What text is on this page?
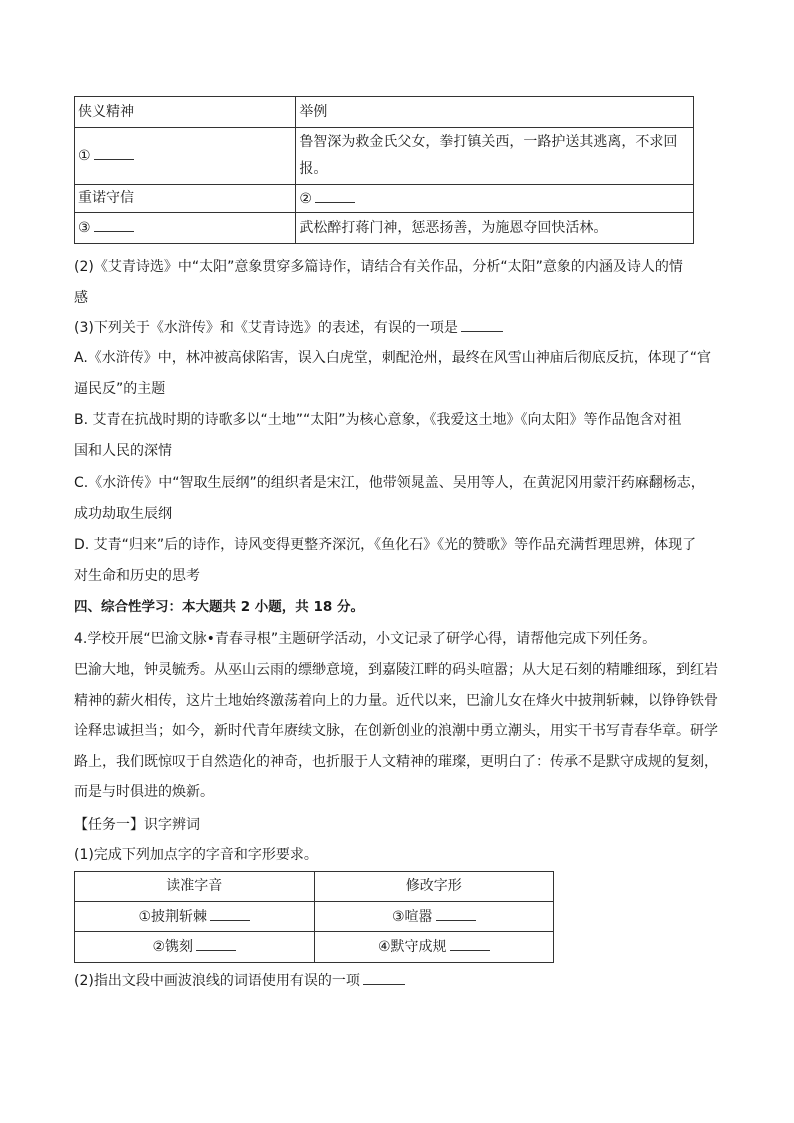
侠义精神	举例
①	鲁智深为救金氏父女，拳打镇关西，一路护送其逃离，不求回
报。

重诺守信	②
③	武松醉打蒋门神，惩恶扬善，为施恩夺回快活林。
(2)《艾青诗选》中“太阳”意象贯穿多篇诗作，请结合有关作品，分析“太阳”意象的内涵及诗人的情
感
(3)下列关于《水浒传》和《艾青诗选》的表述，有误的一项是
A.《水浒传》中，林冲被高俅陷害，误入白虎堂，刺配沧州，最终在风雪山神庙后彻底反抗，体现了“官
逼民反”的主题
B. 艾青在抗战时期的诗歌多以“土地”“太阳”为核心意象，《我爱这土地》《向太阳》等作品饱含对祖
国和人民的深情
C.《水浒传》中“智取生辰纲”的组织者是宋江，他带领晁盖、吴用等人，在黄泥冈用蒙汗药麻翻杨志，
成功劫取生辰纲
D. 艾青“归来”后的诗作，诗风变得更整齐深沉，《鱼化石》《光的赞歌》等作品充满哲理思辨，体现了
对生命和历史的思考
四、综合性学习：本大题共 2 小题，共 18 分。
4.学校开展“巴渝文脉•青春寻根”主题研学活动，小文记录了研学心得，请帮他完成下列任务。
巴渝大地，钟灵毓秀。从巫山云雨的缥缈意境，到嘉陵江畔的码头喧嚣；从大足石刻的精雕细琢，到红岩
精神的薪火相传，这片土地始终激荡着向上的力量。近代以来，巴渝儿女在烽火中披荆斩棘，以铮铮铁骨
诠释忠诚担当；如今，新时代青年赓续文脉，在创新创业的浪潮中勇立潮头，用实干书写青春华章。研学
路上，我们既惊叹于自然造化的神奇，也折服于人文精神的璀璨，更明白了：传承不是默守成规的复刻，
而是与时俱进的焕新。
【任务一】识字辨词
(1)完成下列加点字的字音和字形要求。
读准字音	修改字形
①披荆斩棘	③喧嚣
②镌刻	④默守成规
(2)指出文段中画波浪线的词语使用有误的一项
